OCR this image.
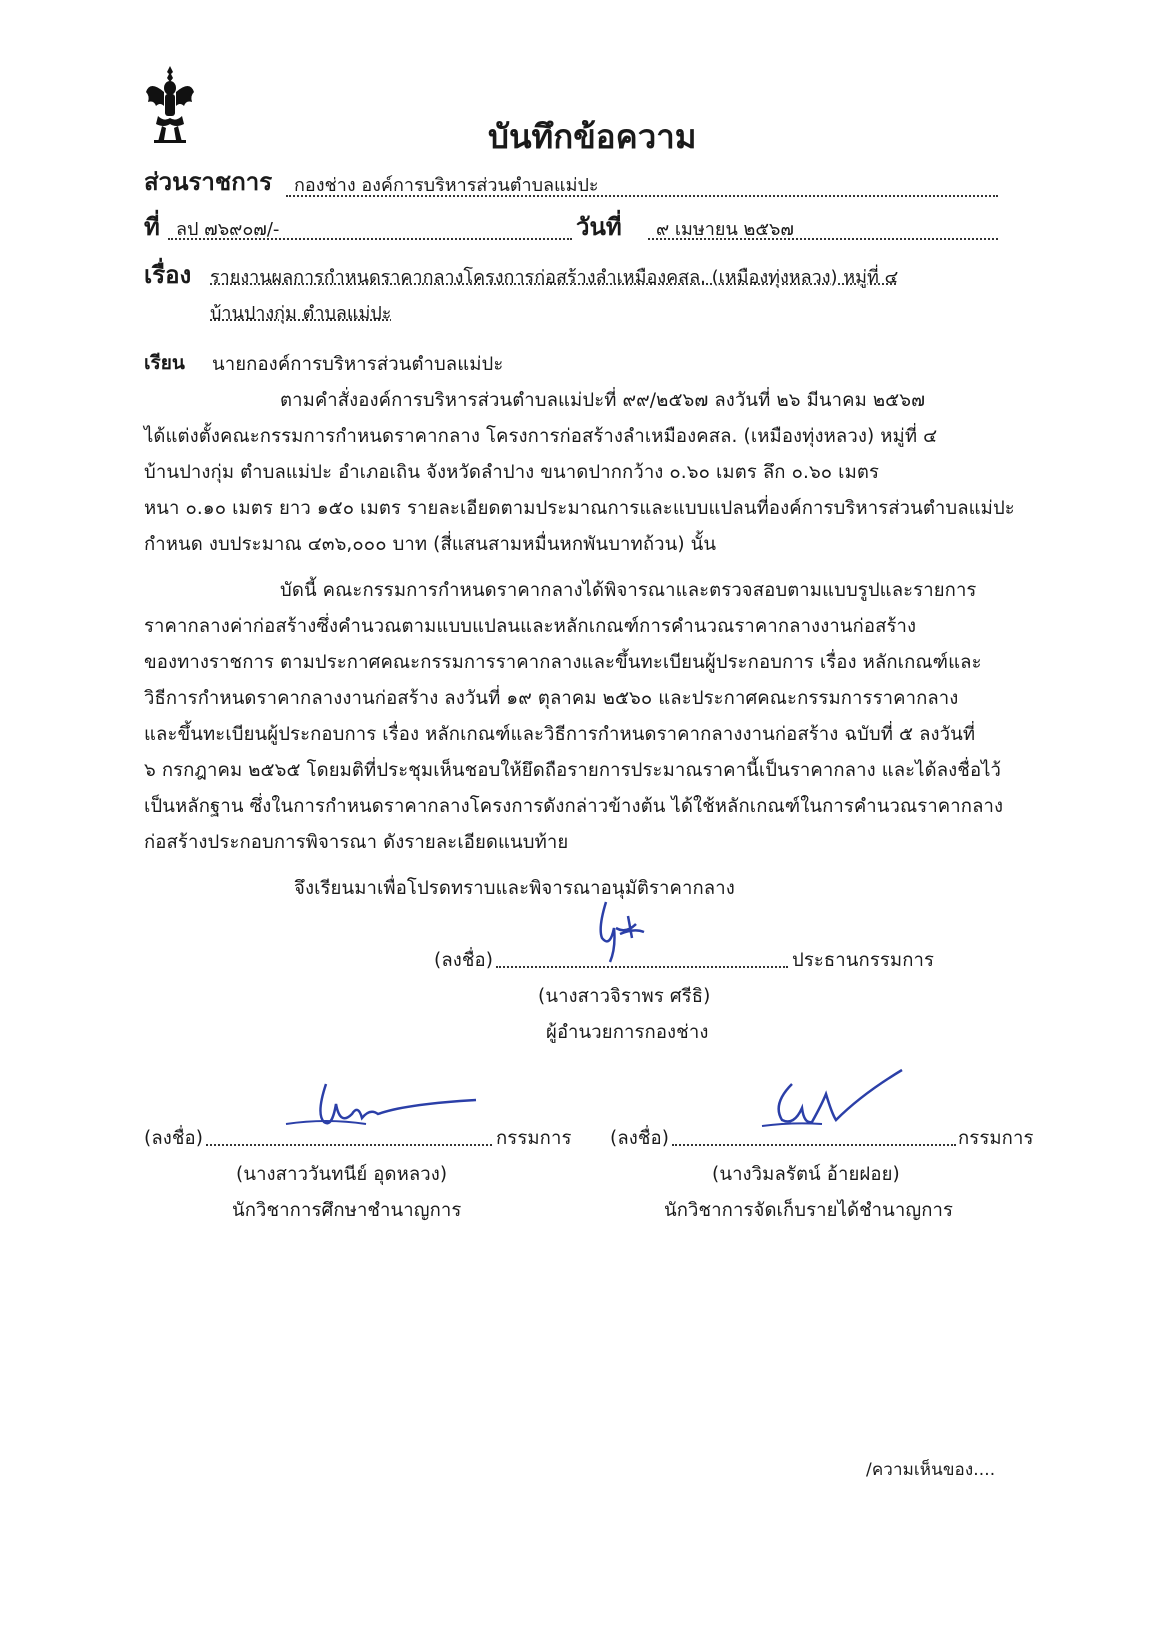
บันทึกข้อความ
ส่วนราชการ กองช่าง องค์การบริหารส่วนตำบลแม่ปะ
ที่ ลป ๗๖๙๐๗/-	วันที่ ๙ เมษายน ๒๕๖๗
เรื่อง รายงานผลการกำหนดราคากลางโครงการก่อสร้างลำเหมืองคสล. (เหมืองทุ่งหลวง) หมู่ที่ ๔
บ้านปางกุ่ม ตำบลแม่ปะ
เรียน นายกองค์การบริหารส่วนตำบลแม่ปะ
ตามคำสั่งองค์การบริหารส่วนตำบลแม่ปะที่ ๙๙/๒๕๖๗ ลงวันที่ ๒๖ มีนาคม ๒๕๖๗
ได้แต่งตั้งคณะกรรมการกำหนดราคากลาง โครงการก่อสร้างลำเหมืองคสล. (เหมืองทุ่งหลวง) หมู่ที่ ๔
บ้านปางกุ่ม ตำบลแม่ปะ อำเภอเถิน จังหวัดลำปาง ขนาดปากกว้าง ๐.๖๐ เมตร ลึก ๐.๖๐ เมตร
หนา ๐.๑๐ เมตร ยาว ๑๕๐ เมตร รายละเอียดตามประมาณการและแบบแปลนที่องค์การบริหารส่วนตำบลแม่ปะ
กำหนด งบประมาณ ๔๓๖,๐๐๐ บาท (สี่แสนสามหมื่นหกพันบาทถ้วน) นั้น
บัดนี้ คณะกรรมการกำหนดราคากลางได้พิจารณาและตรวจสอบตามแบบรูปและรายการ
ราคากลางค่าก่อสร้างซึ่งคำนวณตามแบบแปลนและหลักเกณฑ์การคำนวณราคากลางงานก่อสร้าง
ของทางราชการ ตามประกาศคณะกรรมการราคากลางและขึ้นทะเบียนผู้ประกอบการ เรื่อง หลักเกณฑ์และ
วิธีการกำหนดราคากลางงานก่อสร้าง ลงวันที่ ๑๙ ตุลาคม ๒๕๖๐ และประกาศคณะกรรมการราคากลาง
และขึ้นทะเบียนผู้ประกอบการ เรื่อง หลักเกณฑ์และวิธีการกำหนดราคากลางงานก่อสร้าง ฉบับที่ ๕ ลงวันที่
๖ กรกฎาคม ๒๕๖๕ โดยมติที่ประชุมเห็นชอบให้ยึดถือรายการประมาณราคานี้เป็นราคากลาง และได้ลงชื่อไว้
เป็นหลักฐาน ซึ่งในการกำหนดราคากลางโครงการดังกล่าวข้างต้น ได้ใช้หลักเกณฑ์ในการคำนวณราคากลาง
ก่อสร้างประกอบการพิจารณา ดังรายละเอียดแนบท้าย
จึงเรียนมาเพื่อโปรดทราบและพิจารณาอนุมัติราคากลาง
(ลงชื่อ)	ประธานกรรมการ
(นางสาวจิราพร ศรีธิ)
ผู้อำนวยการกองช่าง
(ลงชื่อ)	กรรมการ
(นางสาววันทนีย์ อุดหลวง)
นักวิชาการศึกษาชำนาญการ
(ลงชื่อ)	กรรมการ
(นางวิมลรัตน์ อ้ายฝอย)
นักวิชาการจัดเก็บรายได้ชำนาญการ
/ความเห็นของ....
